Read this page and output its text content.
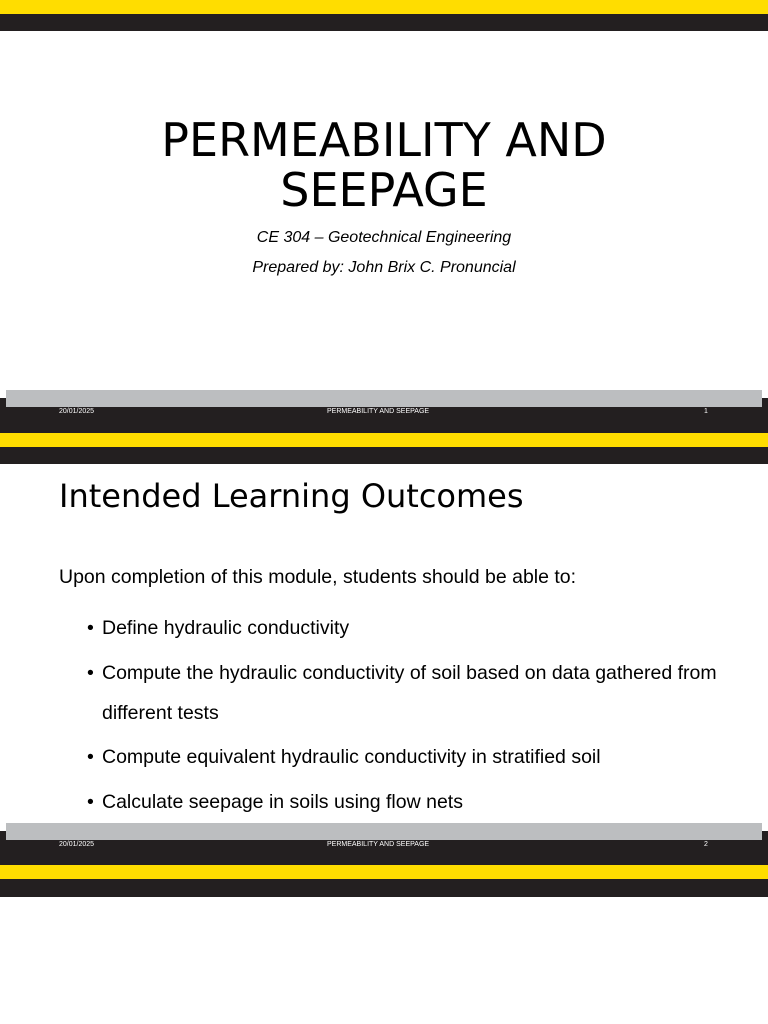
PERMEABILITY AND
SEEPAGE
CE 304 – Geotechnical Engineering
Prepared by: John Brix C. Pronuncial
20/01/2025	PERMEABILITY AND SEEPAGE	1
Intended Learning Outcomes
Upon completion of this module, students should be able to:
• Define hydraulic conductivity
• Compute the hydraulic conductivity of soil based on data gathered from different tests
• Compute equivalent hydraulic conductivity in stratified soil
• Calculate seepage in soils using flow nets
20/01/2025	PERMEABILITY AND SEEPAGE	2
